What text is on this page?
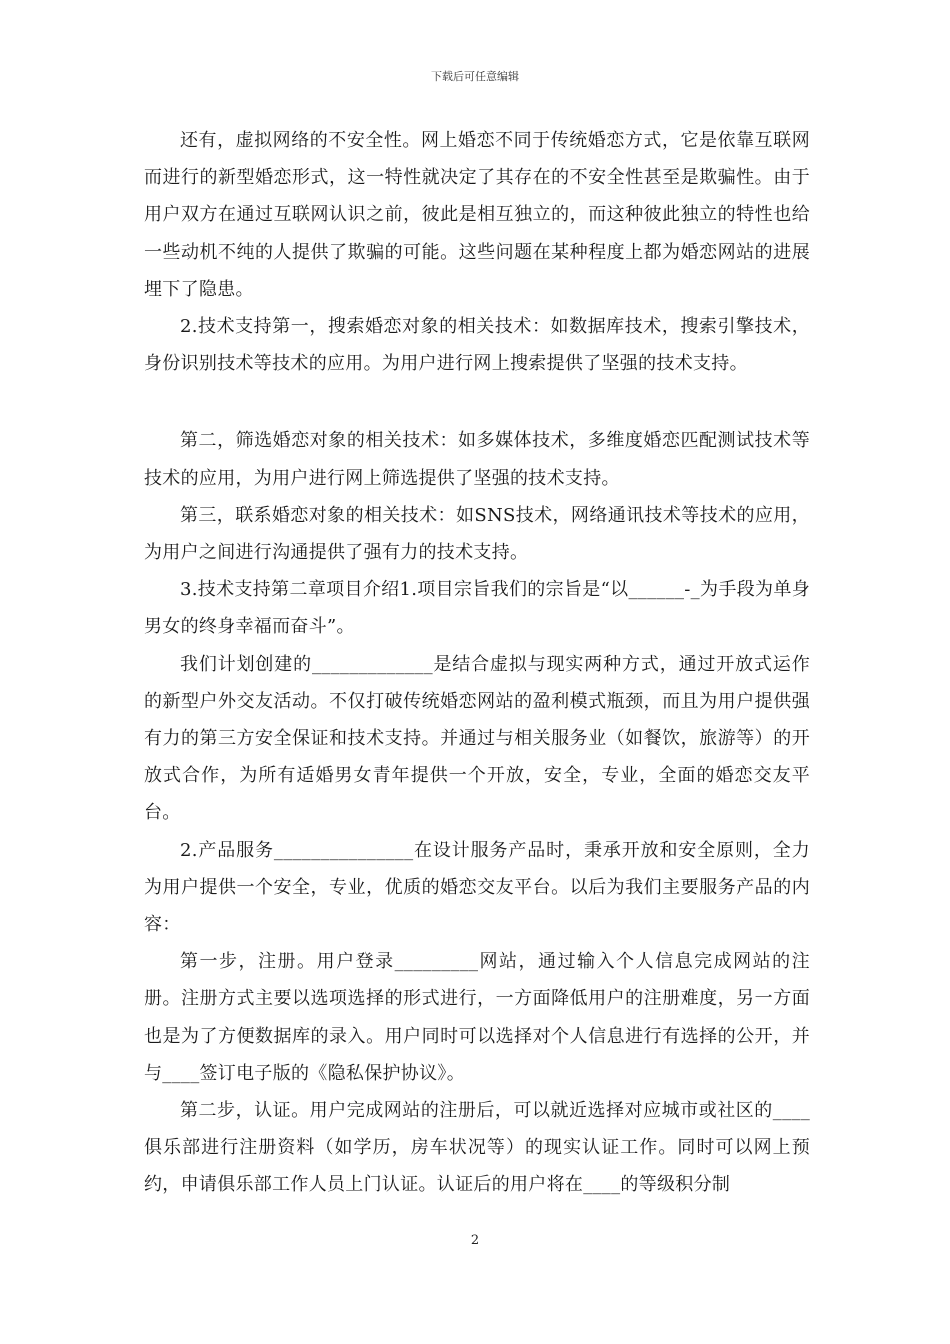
下载后可任意编辑

还有，虚拟网络的不安全性。网上婚恋不同于传统婚恋方式，它是依靠互联网而进行的新型婚恋形式，这一特性就决定了其存在的不安全性甚至是欺骗性。由于用户双方在通过互联网认识之前，彼此是相互独立的，而这种彼此独立的特性也给一些动机不纯的人提供了欺骗的可能。这些问题在某种程度上都为婚恋网站的进展埋下了隐患。

2.技术支持第一，搜索婚恋对象的相关技术：如数据库技术，搜索引擎技术，身份识别技术等技术的应用。为用户进行网上搜索提供了坚强的技术支持。

第二，筛选婚恋对象的相关技术：如多媒体技术，多维度婚恋匹配测试技术等技术的应用，为用户进行网上筛选提供了坚强的技术支持。

第三，联系婚恋对象的相关技术：如SNS技术，网络通讯技术等技术的应用，为用户之间进行沟通提供了强有力的技术支持。

3.技术支持第二章项目介绍1.项目宗旨我们的宗旨是“以______-_为手段为单身男女的终身幸福而奋斗”。

我们计划创建的_____________是结合虚拟与现实两种方式，通过开放式运作的新型户外交友活动。不仅打破传统婚恋网站的盈利模式瓶颈，而且为用户提供强有力的第三方安全保证和技术支持。并通过与相关服务业（如餐饮，旅游等）的开放式合作，为所有适婚男女青年提供一个开放，安全，专业，全面的婚恋交友平台。

2.产品服务_______________在设计服务产品时，秉承开放和安全原则，全力为用户提供一个安全，专业，优质的婚恋交友平台。以后为我们主要服务产品的内容：

第一步，注册。用户登录_________网站，通过输入个人信息完成网站的注册。注册方式主要以选项选择的形式进行，一方面降低用户的注册难度，另一方面也是为了方便数据库的录入。用户同时可以选择对个人信息进行有选择的公开，并与____签订电子版的《隐私保护协议》。

第二步，认证。用户完成网站的注册后，可以就近选择对应城市或社区的____俱乐部进行注册资料（如学历，房车状况等）的现实认证工作。同时可以网上预约，申请俱乐部工作人员上门认证。认证后的用户将在____的等级积分制

2
